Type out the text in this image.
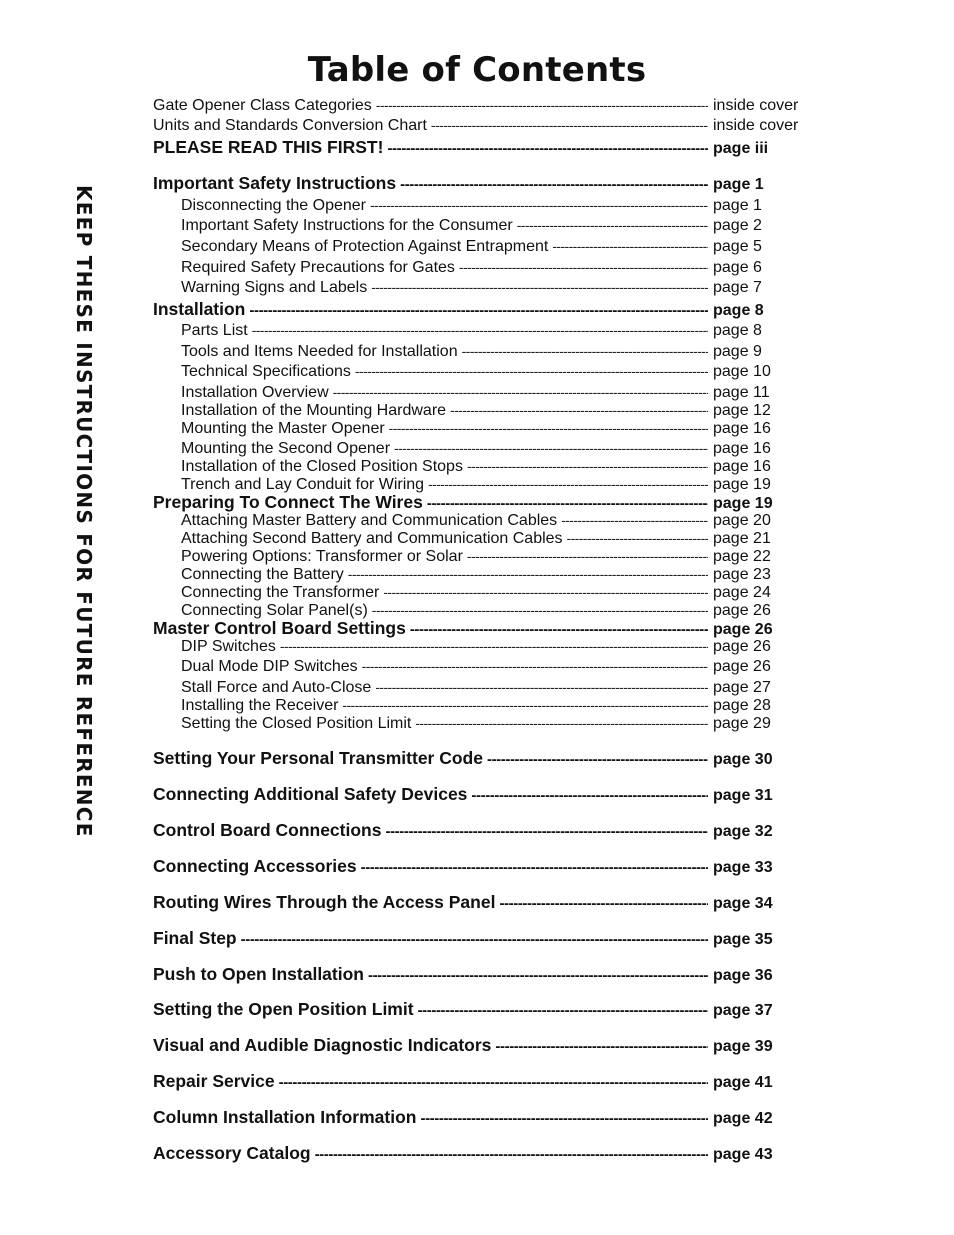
Table of Contents
KEEP THESE INSTRUCTIONS FOR FUTURE REFERENCE
Gate Opener Class Categories -----	inside cover
Units and Standards Conversion Chart -----	inside cover
PLEASE READ THIS FIRST! -----	page iii
Important Safety Instructions -----	page 1
Disconnecting the Opener -----	page 1
Important Safety Instructions for the Consumer -----	page 2
Secondary Means of Protection Against Entrapment -----	page 5
Required Safety Precautions for Gates -----	page 6
Warning Signs and Labels -----	page 7
Installation -----	page 8
Parts List -----	page 8
Tools and Items Needed for Installation -----	page 9
Technical Specifications -----	page 10
Installation Overview -----	page 11
Installation of the Mounting Hardware -----	page 12
Mounting the Master Opener -----	page 16
Mounting the Second Opener -----	page 16
Installation of the Closed Position Stops -----	page 16
Trench and Lay Conduit for Wiring -----	page 19
Preparing To Connect The Wires -----	page 19
Attaching Master Battery and Communication Cables -----	page 20
Attaching Second Battery and Communication Cables -----	page 21
Powering Options: Transformer or Solar -----	page 22
Connecting the Battery -----	page 23
Connecting the Transformer -----	page 24
Connecting Solar Panel(s) -----	page 26
Master Control Board Settings -----	page 26
DIP Switches -----	page 26
Dual Mode DIP Switches -----	page 26
Stall Force and Auto-Close -----	page 27
Installing the Receiver -----	page 28
Setting the Closed Position Limit -----	page 29
Setting Your Personal Transmitter Code -----	page 30
Connecting Additional Safety Devices -----	page 31
Control Board Connections -----	page 32
Connecting Accessories -----	page 33
Routing Wires Through the Access Panel -----	page 34
Final Step -----	page 35
Push to Open Installation -----	page 36
Setting the Open Position Limit -----	page 37
Visual and Audible Diagnostic Indicators -----	page 39
Repair Service -----	page 41
Column Installation Information -----	page 42
Accessory Catalog -----	page 43
